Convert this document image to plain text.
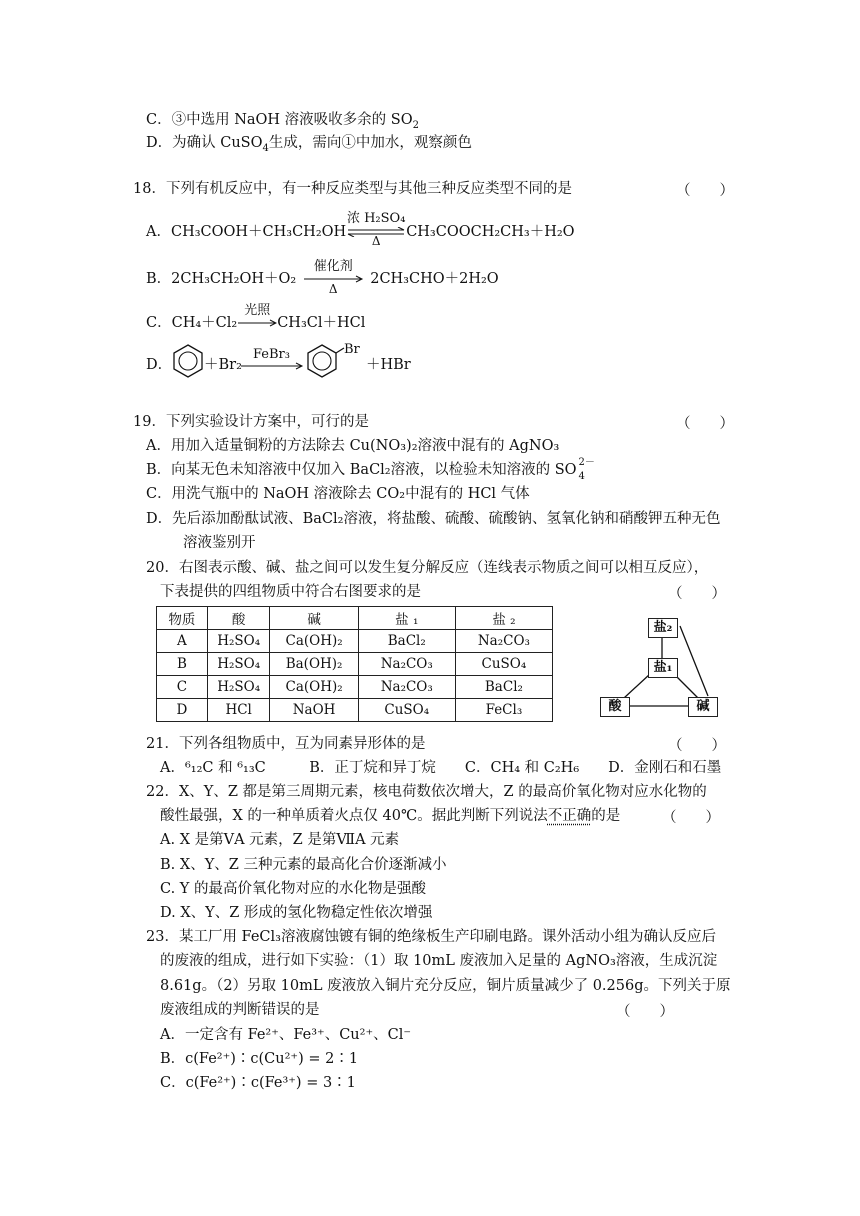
C．③中选用 NaOH 溶液吸收多余的 $SO_2$
D．为确认 CuSO$_4$生成，需向①中加水，观察颜色
18．下列有机反应中，有一种反应类型与其他三种反应类型不同的是	（　　）
A．CH₃COOH＋CH₃CH₂OH
浓 H₂SO₄
Δ
CH₃COOCH₂CH₃＋H₂O
B．2CH₃CH₂OH＋O₂
催化剂
Δ
2CH₃CHO＋2H₂O
C．CH₄＋Cl₂
光照
CH₃Cl＋HCl
D． ＋Br₂
FeBr₃	Br
＋HBr
19．下列实验设计方案中，可行的是	（　　）
A．用加入适量铜粉的方法除去 Cu(NO₃)₂溶液中混有的 AgNO₃
B．向某无色未知溶液中仅加入 BaCl₂溶液，以检验未知溶液的 SO 2－
4
C．用洗气瓶中的 NaOH 溶液除去 CO₂中混有的 HCl 气体
D．先后添加酚酞试液、BaCl₂溶液，将盐酸、硫酸、硫酸钠、氢氧化钠和硝酸钾五种无色
溶液鉴别开
20．右图表示酸、碱、盐之间可以发生复分解反应（连线表示物质之间可以相互反应），
下表提供的四组物质中符合右图要求的是	（　　）
物质	酸	碱	盐 ₁	盐 ₂
A	H₂SO₄	Ca(OH)₂	BaCl₂	Na₂CO₃
B	H₂SO₄	Ba(OH)₂	Na₂CO₃	CuSO₄
C	H₂SO₄	Ca(OH)₂	Na₂CO₃	BaCl₂
D	HCl	NaOH	CuSO₄	FeCl₃
盐₂
盐₁
酸	碱
21．下列各组物质中，互为同素异形体的是	（　　）
A．⁶₁₂C 和 ⁶₁₃C　　　B．正丁烷和异丁烷　　C．CH₄ 和 C₂H₆　　D．金刚石和石墨
22．X、Y、Z 都是第三周期元素，核电荷数依次增大，Z 的最高价氧化物对应水化物的
酸性最强，X 的一种单质着火点仅 40℃。据此判断下列说法不正确的是	（　　）
A. X 是第ⅤA 元素，Z 是第ⅦA 元素
B. X、Y、Z 三种元素的最高化合价逐渐减小
C. Y 的最高价氧化物对应的水化物是强酸
D. X、Y、Z 形成的氢化物稳定性依次增强
23．某工厂用 FeCl₃溶液腐蚀镀有铜的绝缘板生产印刷电路。课外活动小组为确认反应后
的废液的组成，进行如下实验：（1）取 10mL 废液加入足量的 AgNO₃溶液，生成沉淀
8.61g。（2）另取 10mL 废液放入铜片充分反应，铜片质量减少了 0.256g。下列关于原
废液组成的判断错误的是	（　　）
A．一定含有 Fe²⁺、Fe³⁺、Cu²⁺、Cl⁻
B．c(Fe²⁺)∶c(Cu²⁺) = 2∶1
C．c(Fe²⁺)∶c(Fe³⁺) = 3∶1
